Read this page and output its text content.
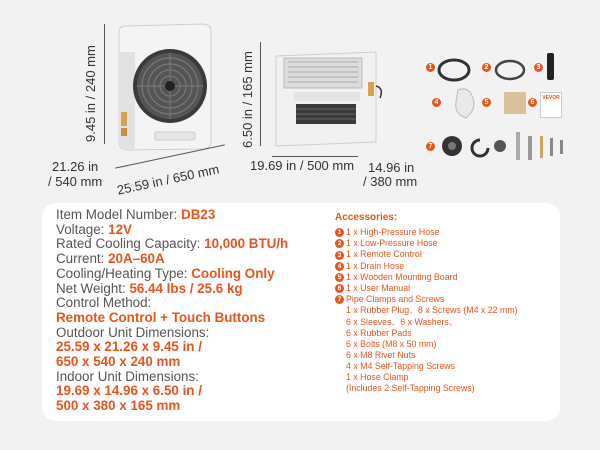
9.45 in / 240 mm
21.26 in
/ 540 mm 25.59 in / 650 mm
6.50 in / 165 mm
19.69 in / 500 mm 14.96 in
/ 380 mm
1	2	3
4	5	6
VEVOR
7
Item Model Number: DB23
Voltage: 12V
Rated Cooling Capacity: 10,000 BTU/h
Current: 20A–60A
Cooling/Heating Type: Cooling Only
Net Weight: 56.44 lbs / 25.6 kg
Control Method:
Remote Control + Touch Buttons
Outdoor Unit Dimensions:
25.59 x 21.26 x 9.45 in /
650 x 540 x 240 mm
Indoor Unit Dimensions:
19.69 x 14.96 x 6.50 in /
500 x 380 x 165 mm
Accessories:
1 1 x High-Pressure Hose
2 1 x Low-Pressure Hose
3 1 x Remote Control
4 1 x Drain Hose
5 1 x Wooden Mounting Board
6 1 x User Manual
7 Pipe Clamps and Screws
1 x Rubber Plug、8 x Screws (M4 x 22 mm)
6 x Sleeves、6 x Washers、
6 x Rubber Pads
6 x Bolts (M8 x 50 mm)
6 x M8 Rivet Nuts
4 x M4 Self-Tapping Screws
1 x Hose Clamp
(Includes 2 Self-Tapping Screws)
